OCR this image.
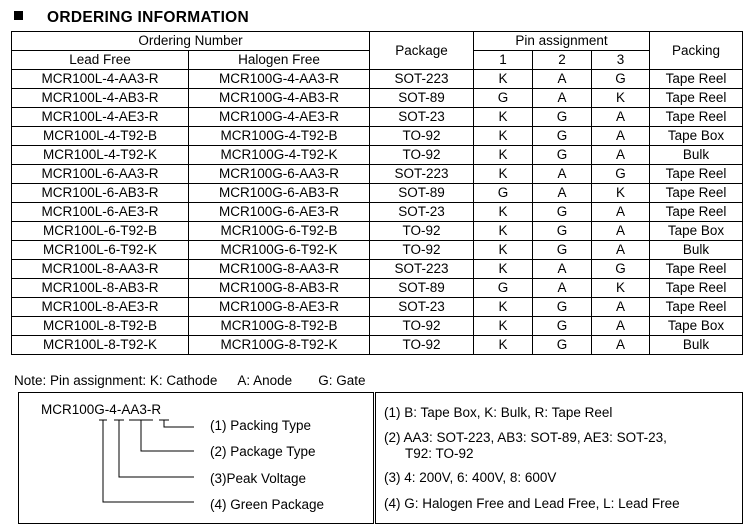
ORDERING INFORMATION
Ordering Number		Package	Pin assignment			Packing
Lead Free	Halogen Free		1	2	3	
MCR100L-4-AA3-R	MCR100G-4-AA3-R	SOT-223	K	A	G	Tape Reel
MCR100L-4-AB3-R	MCR100G-4-AB3-R	SOT-89	G	A	K	Tape Reel
MCR100L-4-AE3-R	MCR100G-4-AE3-R	SOT-23	K	G	A	Tape Reel
MCR100L-4-T92-B	MCR100G-4-T92-B	TO-92	K	G	A	Tape Box
MCR100L-4-T92-K	MCR100G-4-T92-K	TO-92	K	G	A	Bulk
MCR100L-6-AA3-R	MCR100G-6-AA3-R	SOT-223	K	A	G	Tape Reel
MCR100L-6-AB3-R	MCR100G-6-AB3-R	SOT-89	G	A	K	Tape Reel
MCR100L-6-AE3-R	MCR100G-6-AE3-R	SOT-23	K	G	A	Tape Reel
MCR100L-6-T92-B	MCR100G-6-T92-B	TO-92	K	G	A	Tape Box
MCR100L-6-T92-K	MCR100G-6-T92-K	TO-92	K	G	A	Bulk
MCR100L-8-AA3-R	MCR100G-8-AA3-R	SOT-223	K	A	G	Tape Reel
MCR100L-8-AB3-R	MCR100G-8-AB3-R	SOT-89	G	A	K	Tape Reel
MCR100L-8-AE3-R	MCR100G-8-AE3-R	SOT-23	K	G	A	Tape Reel
MCR100L-8-T92-B	MCR100G-8-T92-B	TO-92	K	G	A	Tape Box
MCR100L-8-T92-K	MCR100G-8-T92-K	TO-92	K	G	A	Bulk
Note: Pin assignment: K: Cathode A: Anode G: Gate
MCR100G-4-AA3-R
(1) Packing Type
(2) Package Type
(3)Peak Voltage
(4) Green Package
(1) B: Tape Box, K: Bulk, R: Tape Reel
(2) AA3: SOT-223, AB3: SOT-89, AE3: SOT-23,
T92: TO-92
(3) 4: 200V, 6: 400V, 8: 600V
(4) G: Halogen Free and Lead Free, L: Lead Free
